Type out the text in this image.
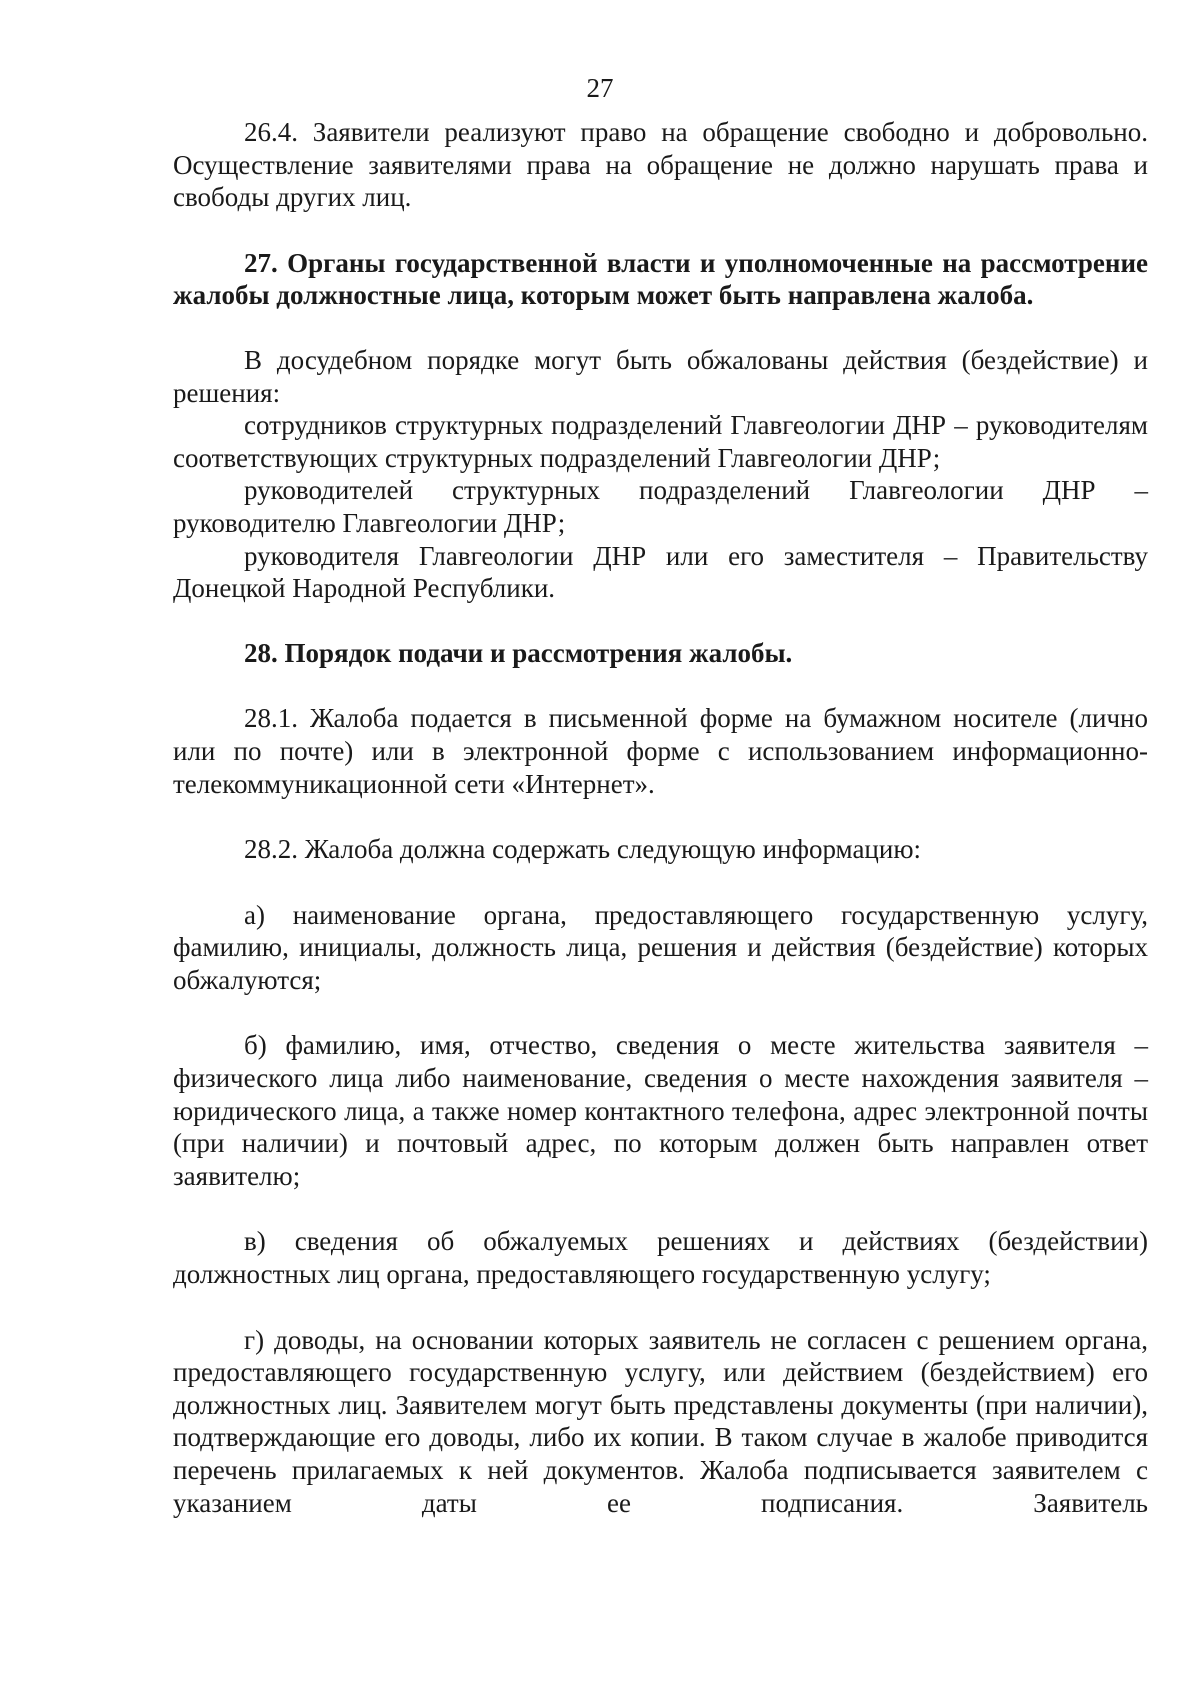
27

26.4. Заявители реализуют право на обращение свободно и добровольно. Осуществление заявителями права на обращение не должно нарушать права и свободы других лиц.

27. Органы государственной власти и уполномоченные на рассмотрение жалобы должностные лица, которым может быть направлена жалоба.

В досудебном порядке могут быть обжалованы действия (бездействие) и решения:

сотрудников структурных подразделений Главгеологии ДНР – руководителям соответствующих структурных подразделений Главгеологии ДНР;

руководителей структурных подразделений Главгеологии ДНР – руководителю Главгеологии ДНР;

руководителя Главгеологии ДНР или его заместителя – Правительству Донецкой Народной Республики.

28. Порядок подачи и рассмотрения жалобы.

28.1. Жалоба подается в письменной форме на бумажном носителе (лично или по почте) или в электронной форме с использованием информационно-телекоммуникационной сети «Интернет».

28.2. Жалоба должна содержать следующую информацию:

а) наименование органа, предоставляющего государственную услугу, фамилию, инициалы, должность лица, решения и действия (бездействие) которых обжалуются;

б) фамилию, имя, отчество, сведения о месте жительства заявителя – физического лица либо наименование, сведения о месте нахождения заявителя – юридического лица, а также номер контактного телефона, адрес электронной почты (при наличии) и почтовый адрес, по которым должен быть направлен ответ заявителю;

в) сведения об обжалуемых решениях и действиях (бездействии) должностных лиц органа, предоставляющего государственную услугу;

г) доводы, на основании которых заявитель не согласен с решением органа, предоставляющего государственную услугу, или действием (бездействием) его должностных лиц. Заявителем могут быть представлены документы (при наличии), подтверждающие его доводы, либо их копии. В таком случае в жалобе приводится перечень прилагаемых к ней документов. Жалоба подписывается заявителем с указанием даты ее подписания. Заявитель
